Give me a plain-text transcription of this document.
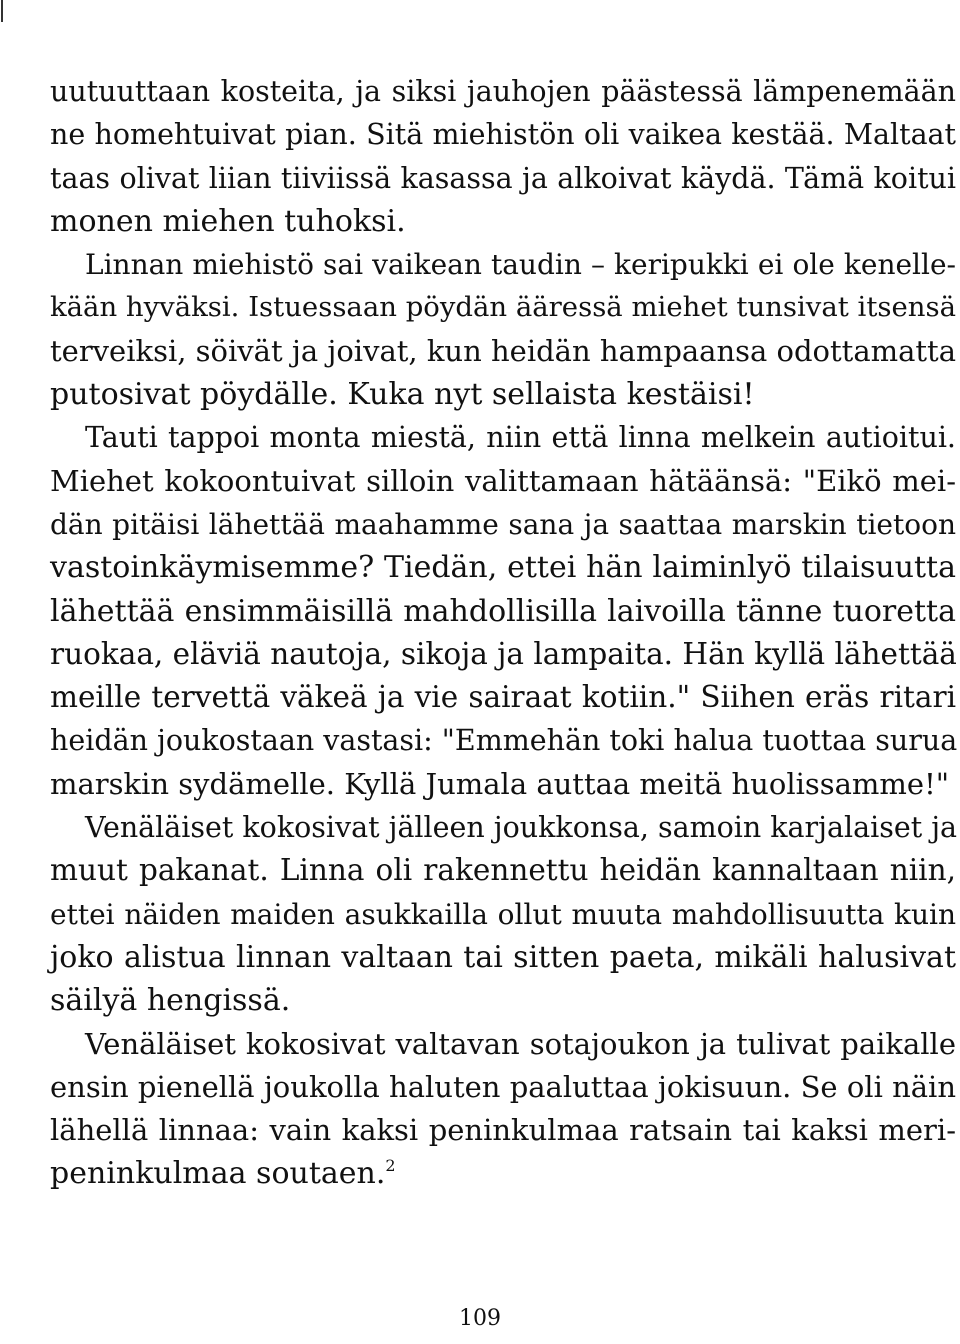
uutuuttaan kosteita, ja siksi jauhojen päästessä lämpenemään
ne homehtuivat pian. Sitä miehistön oli vaikea kestää. Maltaat
taas olivat liian tiiviissä kasassa ja alkoivat käydä. Tämä koitui
monen miehen tuhoksi.
Linnan miehistö sai vaikean taudin – keripukki ei ole kenelle-
kään hyväksi. Istuessaan pöydän ääressä miehet tunsivat itsensä
terveiksi, söivät ja joivat, kun heidän hampaansa odottamatta
putosivat pöydälle. Kuka nyt sellaista kestäisi!
Tauti tappoi monta miestä, niin että linna melkein autioitui.
Miehet kokoontuivat silloin valittamaan hätäänsä: "Eikö mei-
dän pitäisi lähettää maahamme sana ja saattaa marskin tietoon
vastoinkäymisemme? Tiedän, ettei hän laiminlyö tilaisuutta
lähettää ensimmäisillä mahdollisilla laivoilla tänne tuoretta
ruokaa, eläviä nautoja, sikoja ja lampaita. Hän kyllä lähettää
meille tervettä väkeä ja vie sairaat kotiin." Siihen eräs ritari
heidän joukostaan vastasi: "Emmehän toki halua tuottaa surua
marskin sydämelle. Kyllä Jumala auttaa meitä huolissamme!"
Venäläiset kokosivat jälleen joukkonsa, samoin karjalaiset ja
muut pakanat. Linna oli rakennettu heidän kannaltaan niin,
ettei näiden maiden asukkailla ollut muuta mahdollisuutta kuin
joko alistua linnan valtaan tai sitten paeta, mikäli halusivat
säilyä hengissä.
Venäläiset kokosivat valtavan sotajoukon ja tulivat paikalle
ensin pienellä joukolla haluten paaluttaa jokisuun. Se oli näin
lähellä linnaa: vain kaksi peninkulmaa ratsain tai kaksi meri-
peninkulmaa soutaen.$^2$
109
